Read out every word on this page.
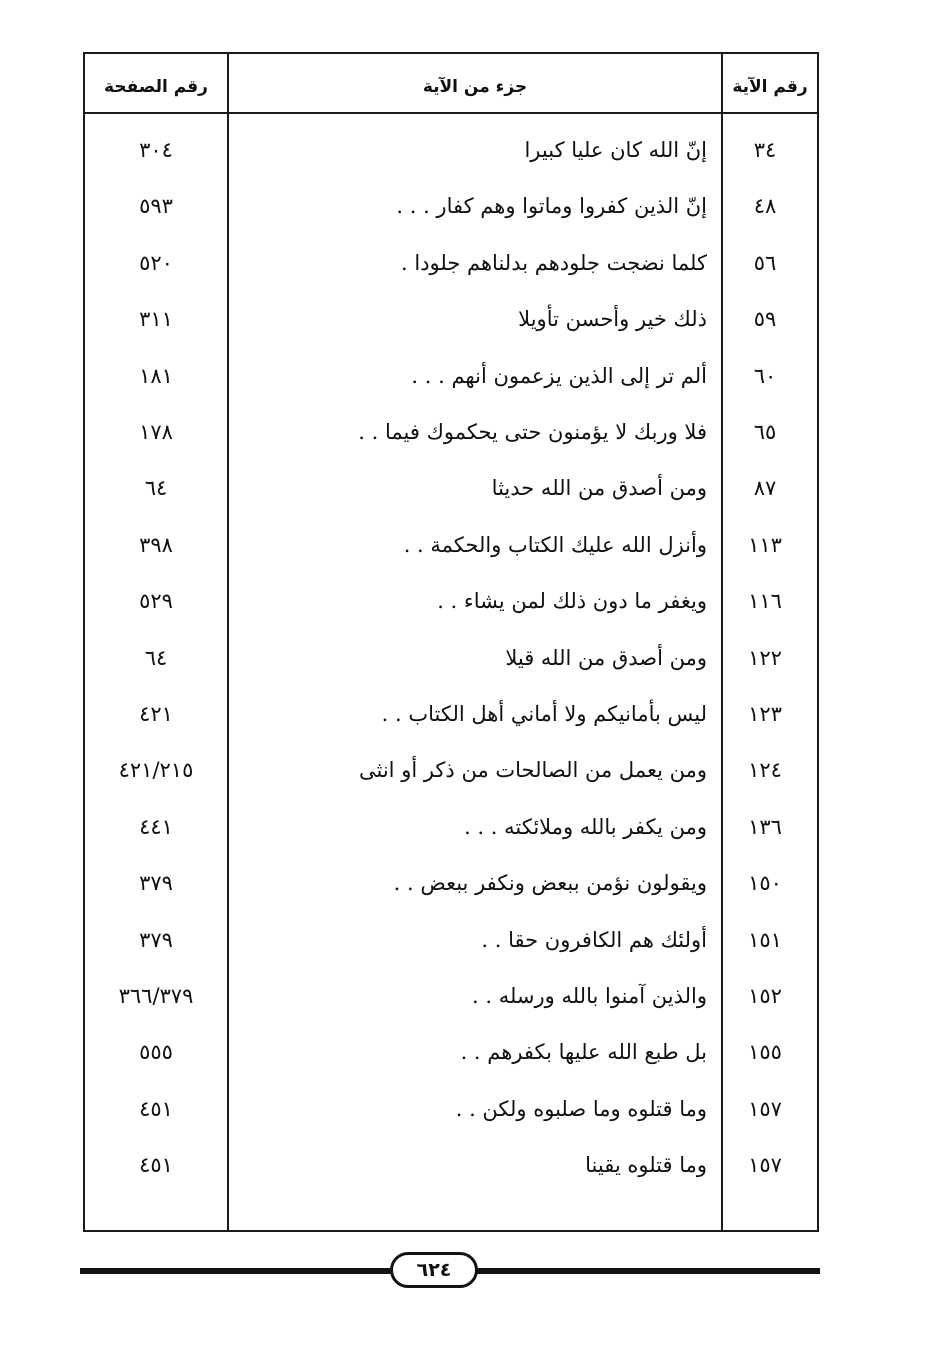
رقم الصفحة	جزء من الآية	رقم الآية
٣٠٤	إنّ الله كان عليا كبيرا	٣٤
٥٩٣	إنّ الذين كفروا وماتوا وهم كفار . . .	٤٨
٥٢٠	كلما نضجت جلودهم بدلناهم جلودا .	٥٦
٣١١	ذلك خير وأحسن تأويلا	٥٩
١٨١	ألم تر إلى الذين يزعمون أنهم . . .	٦٠
١٧٨	فلا وربك لا يؤمنون حتى يحكموك فيما . .	٦٥
٦٤	ومن أصدق من الله حديثا	٨٧
٣٩٨	وأنزل الله عليك الكتاب والحكمة . .	١١٣
٥٢٩	ويغفر ما دون ذلك لمن يشاء . .	١١٦
٦٤	ومن أصدق من الله قيلا	١٢٢
٤٢١	ليس بأمانيكم ولا أماني أهل الكتاب . .	١٢٣
٤٢١/٢١٥	ومن يعمل من الصالحات من ذكر أو انثى	١٢٤
٤٤١	ومن يكفر بالله وملائكته . . .	١٣٦
٣٧٩	ويقولون نؤمن ببعض ونكفر ببعض . .	١٥٠
٣٧٩	أولئك هم الكافرون حقا . .	١٥١
٣٦٦/٣٧٩	والذين آمنوا بالله ورسله . .	١٥٢
٥٥٥	بل طبع الله عليها بكفرهم . .	١٥٥
٤٥١	وما قتلوه وما صلبوه ولكن . .	١٥٧
٤٥١	وما قتلوه يقينا	١٥٧
٦٢٤
